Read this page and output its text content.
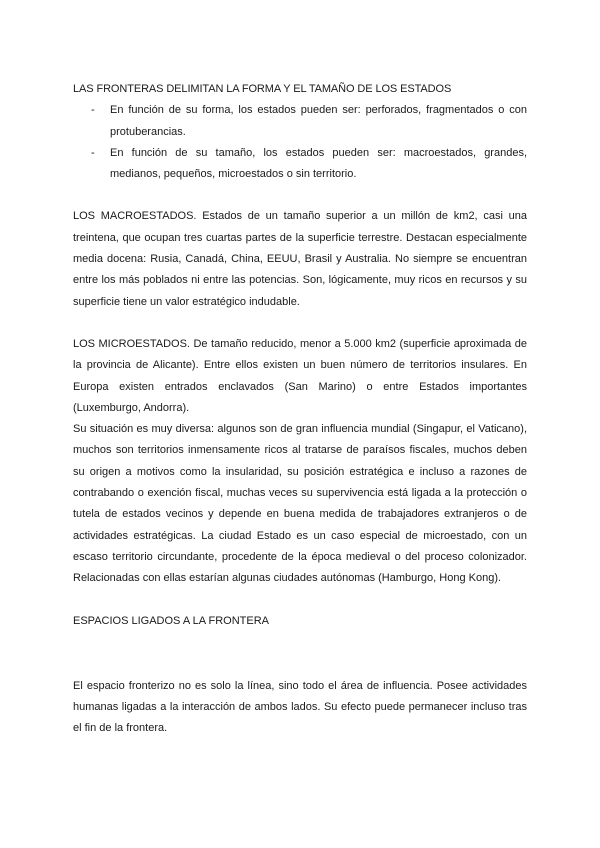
LAS FRONTERAS DELIMITAN LA FORMA Y EL TAMAÑO DE LOS ESTADOS
- En función de su forma, los estados pueden ser: perforados, fragmentados o con protuberancias.
- En función de su tamaño, los estados pueden ser: macroestados, grandes, medianos, pequeños, microestados o sin territorio.

LOS MACROESTADOS. Estados de un tamaño superior a un millón de km2, casi una treintena, que ocupan tres cuartas partes de la superficie terrestre. Destacan especialmente media docena: Rusia, Canadá, China, EEUU, Brasil y Australia. No siempre se encuentran entre los más poblados ni entre las potencias. Son, lógicamente, muy ricos en recursos y su superficie tiene un valor estratégico indudable.

LOS MICROESTADOS. De tamaño reducido, menor a 5.000 km2 (superficie aproximada de la provincia de Alicante). Entre ellos existen un buen número de territorios insulares. En Europa existen entrados enclavados (San Marino) o entre Estados importantes (Luxemburgo, Andorra).

Su situación es muy diversa: algunos son de gran influencia mundial (Singapur, el Vaticano), muchos son territorios inmensamente ricos al tratarse de paraísos fiscales, muchos deben su origen a motivos como la insularidad, su posición estratégica e incluso a razones de contrabando o exención fiscal, muchas veces su supervivencia está ligada a la protección o tutela de estados vecinos y depende en buena medida de trabajadores extranjeros o de actividades estratégicas. La ciudad Estado es un caso especial de microestado, con un escaso territorio circundante, procedente de la época medieval o del proceso colonizador. Relacionadas con ellas estarían algunas ciudades autónomas (Hamburgo, Hong Kong).

ESPACIOS LIGADOS A LA FRONTERA

El espacio fronterizo no es solo la línea, sino todo el área de influencia. Posee actividades humanas ligadas a la interacción de ambos lados. Su efecto puede permanecer incluso tras el fin de la frontera.
